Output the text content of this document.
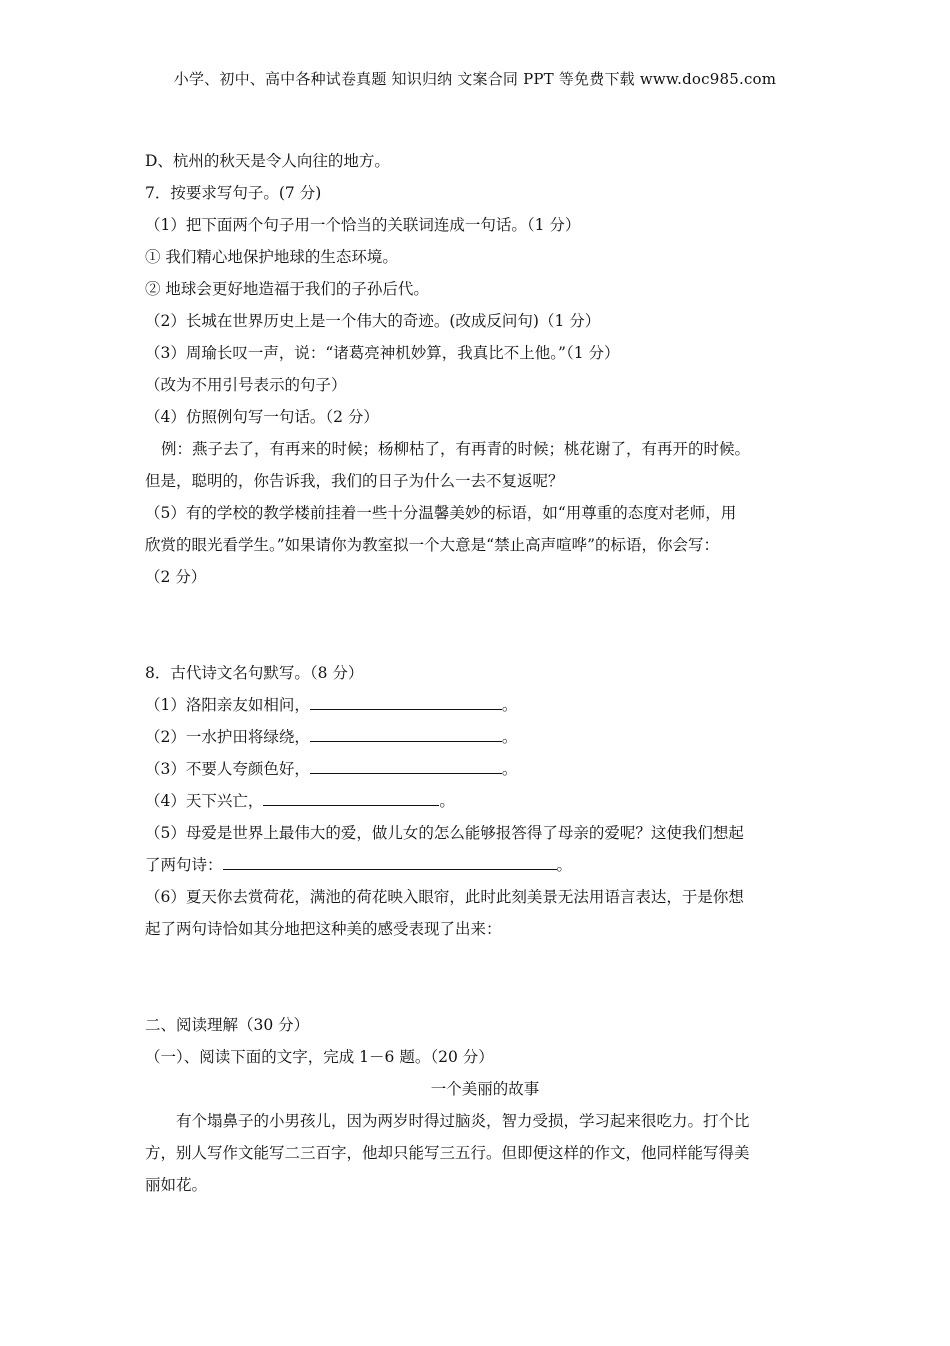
小学、初中、高中各种试卷真题 知识归纳 文案合同 PPT 等免费下载 www.doc985.com
D、杭州的秋天是令人向往的地方。
7．按要求写句子。(7 分)
（1）把下面两个句子用一个恰当的关联词连成一句话。（1 分）
① 我们精心地保护地球的生态环境。
② 地球会更好地造福于我们的子孙后代。
（2）长城在世界历史上是一个伟大的奇迹。(改成反问句)（1 分）
（3）周瑜长叹一声，说：“诸葛亮神机妙算，我真比不上他。”（1 分）
（改为不用引号表示的句子）
（4）仿照例句写一句话。（2 分）
例：燕子去了，有再来的时候；杨柳枯了，有再青的时候；桃花谢了，有再开的时候。
但是，聪明的，你告诉我，我们的日子为什么一去不复返呢？
（5）有的学校的教学楼前挂着一些十分温馨美妙的标语，如“用尊重的态度对老师，用
欣赏的眼光看学生。”如果请你为教室拟一个大意是“禁止高声喧哗”的标语，你会写：
（2 分）
8．古代诗文名句默写。（8 分）
（1）洛阳亲友如相问，	。
（2）一水护田将绿绕，	。
（3）不要人夸颜色好，	。
（4）天下兴亡，	。
（5）母爱是世界上最伟大的爱，做儿女的怎么能够报答得了母亲的爱呢？这使我们想起
了两句诗：	。
（6）夏天你去赏荷花，满池的荷花映入眼帘，此时此刻美景无法用语言表达，于是你想
起了两句诗恰如其分地把这种美的感受表现了出来：
二、阅读理解（30 分）
（一）、阅读下面的文字，完成 1－6 题。（20 分）
一个美丽的故事
有个塌鼻子的小男孩儿，因为两岁时得过脑炎，智力受损，学习起来很吃力。打个比
方，别人写作文能写二三百字，他却只能写三五行。但即便这样的作文，他同样能写得美
丽如花。
